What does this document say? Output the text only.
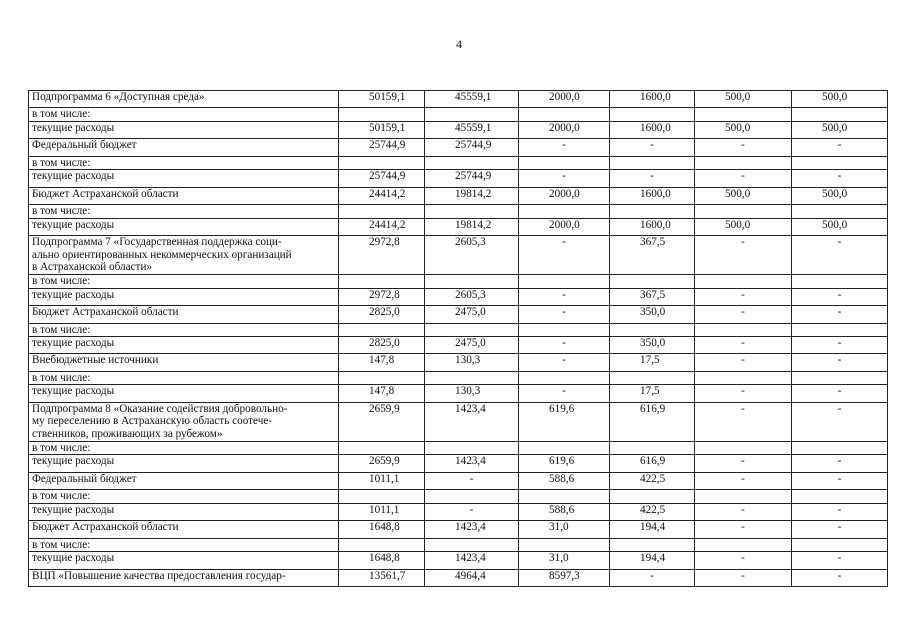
4
Подпрограмма 6 «Доступная среда»	50159,1	45559,1	2000,0	1600,0	500,0	500,0
в том числе:						
текущие расходы	50159,1	45559,1	2000,0	1600,0	500,0	500,0
Федеральный бюджет	25744,9	25744,9	-	-	-	-
в том числе:						
текущие расходы	25744,9	25744,9	-	-	-	-
Бюджет Астраханской области	24414,2	19814,2	2000,0	1600,0	500,0	500,0
в том числе:						
текущие расходы	24414,2	19814,2	2000,0	1600,0	500,0	500,0
Подпрограмма 7 «Государственная поддержка соци-
ально ориентированных некоммерческих организаций
в Астраханской области»	2972,8	2605,3	-	367,5	-	-
в том числе:						
текущие расходы	2972,8	2605,3	-	367,5	-	-
Бюджет Астраханской области	2825,0	2475,0	-	350,0	-	-
в том числе:						
текущие расходы	2825,0	2475,0	-	350,0	-	-
Внебюджетные источники	147,8	130,3	-	17,5	-	-
в том числе:						
текущие расходы	147,8	130,3	-	17,5	-	-
Подпрограмма 8 «Оказание содействия добровольно-
му переселению в Астраханскую область соотече-
ственников, проживающих за рубежом»	2659,9	1423,4	619,6	616,9	-	-
в том числе:						
текущие расходы	2659,9	1423,4	619,6	616,9	-	-
Федеральный бюджет	1011,1	-	588,6	422,5	-	-
в том числе:						
текущие расходы	1011,1	-	588,6	422,5	-	-
Бюджет Астраханской области	1648,8	1423,4	31,0	194,4	-	-
в том числе:						
текущие расходы	1648,8	1423,4	31,0	194,4	-	-
ВЦП «Повышение качества предоставления государ-	13561,7	4964,4	8597,3	-	-	-
